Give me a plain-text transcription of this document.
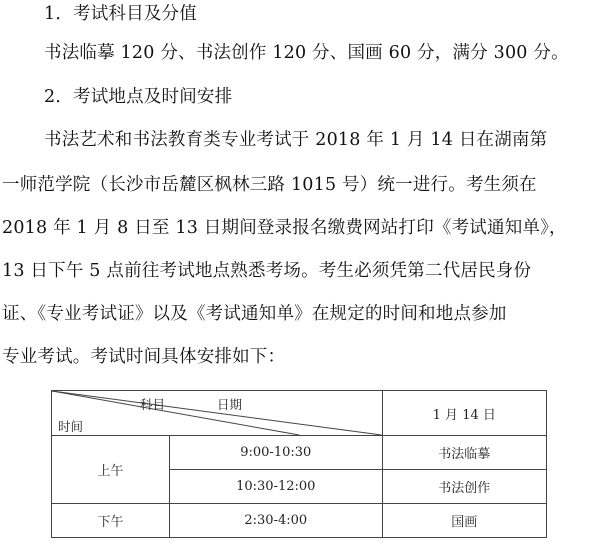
1．考试科目及分值
书法临摹 120 分、书法创作 120 分、国画 60 分，满分 300 分。
2．考试地点及时间安排
书法艺术和书法教育类专业考试于 2018 年 1 月 14 日在湖南第
一师范学院（长沙市岳麓区枫林三路 1015 号）统一进行。考生须在
2018 年 1 月 8 日至 13 日期间登录报名缴费网站打印《考试通知单》，
13 日下午 5 点前往考试地点熟悉考场。考生必须凭第二代居民身份
证、《专业考试证》以及《考试通知单》在规定的时间和地点参加
专业考试。考试时间具体安排如下：
科目 日期
时间		1 月 14 日
上午	9:00-10:30	书法临摹
	10:30-12:00	书法创作
下午	2:30-4:00	国画
